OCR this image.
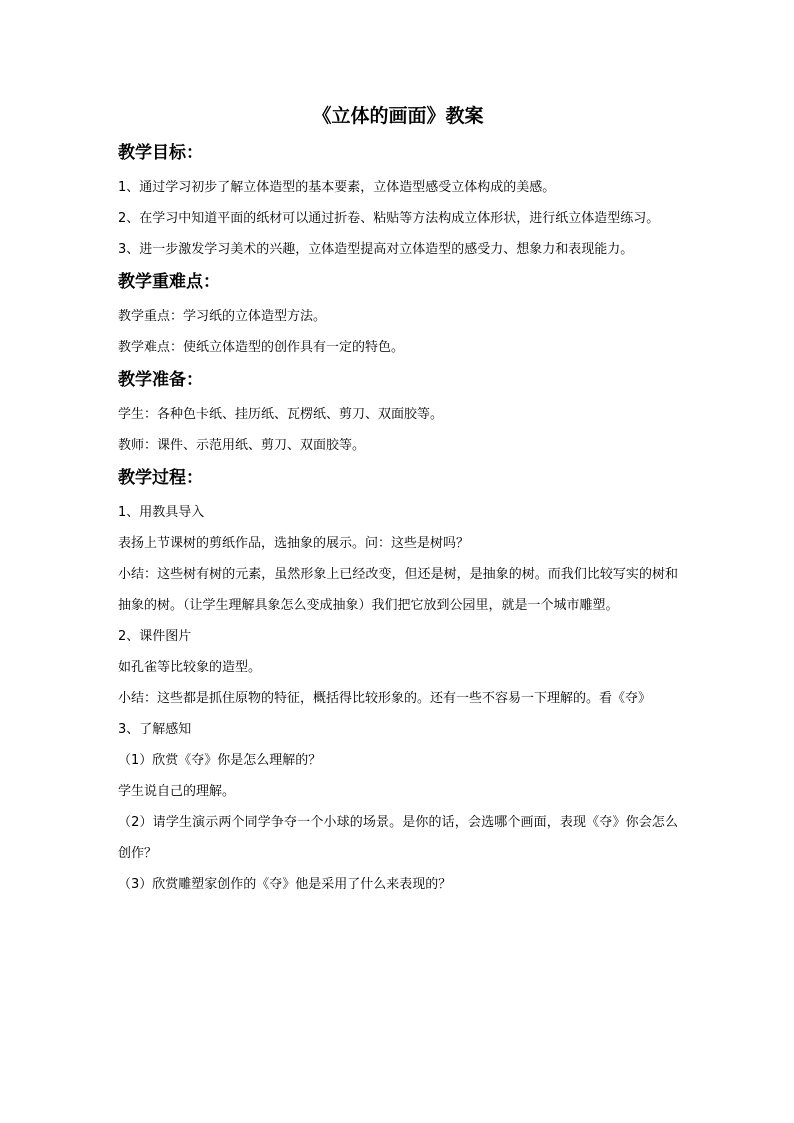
《立体的画面》教案
教学目标：

1、通过学习初步了解立体造型的基本要素，立体造型感受立体构成的美感。

2、在学习中知道平面的纸材可以通过折卷、粘贴等方法构成立体形状，进行纸立体造型练习。

3、进一步激发学习美术的兴趣，立体造型提高对立体造型的感受力、想象力和表现能力。

教学重难点：

教学重点：学习纸的立体造型方法。

教学难点：使纸立体造型的创作具有一定的特色。

教学准备：

学生：各种色卡纸、挂历纸、瓦楞纸、剪刀、双面胶等。

教师：课件、示范用纸、剪刀、双面胶等。

教学过程：

1、用教具导入

表扬上节课树的剪纸作品，选抽象的展示。问：这些是树吗？

小结：这些树有树的元素，虽然形象上已经改变，但还是树，是抽象的树。而我们比较写实的树和抽象的树。（让学生理解具象怎么变成抽象）我们把它放到公园里，就是一个城市雕塑。

2、课件图片

如孔雀等比较象的造型。

小结：这些都是抓住原物的特征，概括得比较形象的。还有一些不容易一下理解的。看《夺》

3、了解感知

（1）欣赏《夺》你是怎么理解的？

学生说自己的理解。

（2）请学生演示两个同学争夺一个小球的场景。是你的话，会选哪个画面，表现《夺》你会怎么创作？

（3）欣赏雕塑家创作的《夺》他是采用了什么来表现的？
